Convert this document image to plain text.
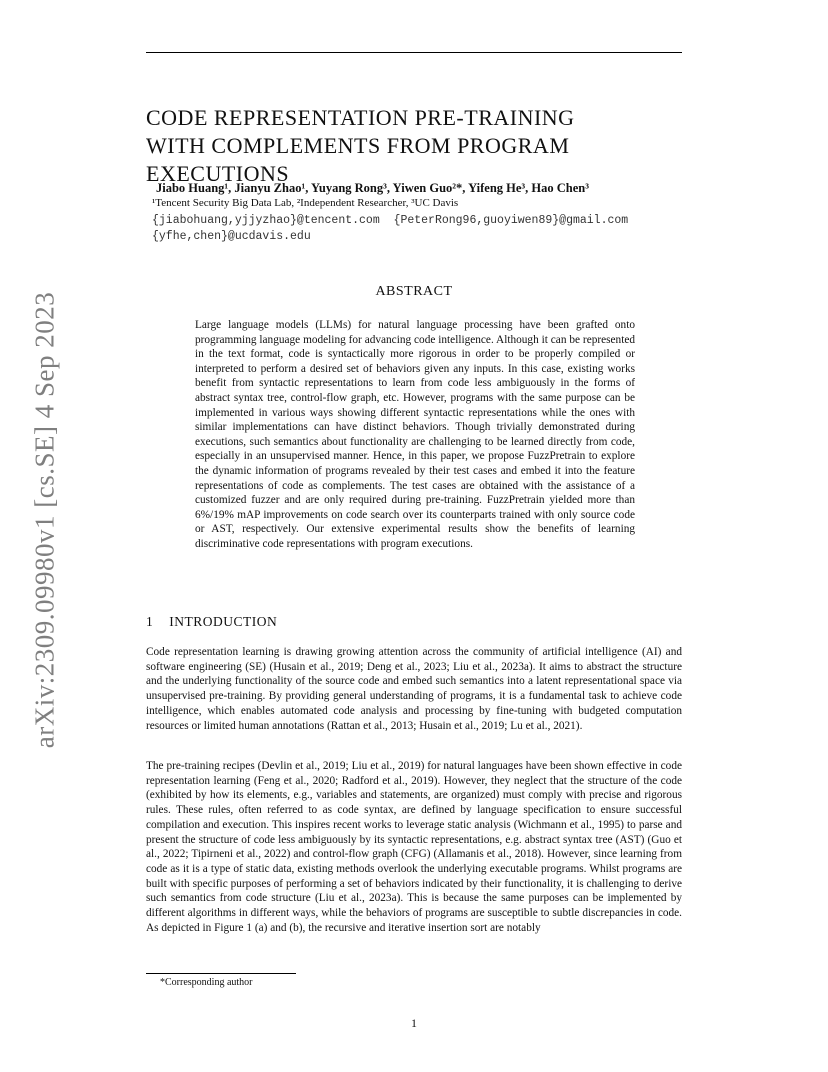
arXiv:2309.09980v1 [cs.SE] 4 Sep 2023
CODE REPRESENTATION PRE-TRAINING
WITH COMPLEMENTS FROM PROGRAM EXECUTIONS
Jiabo Huang¹, Jianyu Zhao¹, Yuyang Rong³, Yiwen Guo²*, Yifeng He³, Hao Chen³
¹Tencent Security Big Data Lab, ²Independent Researcher, ³UC Davis
{jiabohuang,yjjyzhao}@tencent.com  {PeterRong96,guoyiwen89}@gmail.com
{yfhe,chen}@ucdavis.edu
ABSTRACT
Large language models (LLMs) for natural language processing have been grafted onto programming language modeling for advancing code intelligence. Although it can be represented in the text format, code is syntactically more rigorous in order to be properly compiled or interpreted to perform a desired set of behaviors given any inputs. In this case, existing works benefit from syntactic representations to learn from code less ambiguously in the forms of abstract syntax tree, control-flow graph, etc. However, programs with the same purpose can be implemented in various ways showing different syntactic representations while the ones with similar implementations can have distinct behaviors. Though trivially demonstrated during executions, such semantics about functionality are challenging to be learned directly from code, especially in an unsupervised manner. Hence, in this paper, we propose FuzzPretrain to explore the dynamic information of programs revealed by their test cases and embed it into the feature representations of code as complements. The test cases are obtained with the assistance of a customized fuzzer and are only required during pre-training. FuzzPretrain yielded more than 6%/19% mAP improvements on code search over its counterparts trained with only source code or AST, respectively. Our extensive experimental results show the benefits of learning discriminative code representations with program executions.
1 INTRODUCTION
Code representation learning is drawing growing attention across the community of artificial intelligence (AI) and software engineering (SE) (Husain et al., 2019; Deng et al., 2023; Liu et al., 2023a). It aims to abstract the structure and the underlying functionality of the source code and embed such semantics into a latent representational space via unsupervised pre-training. By providing general understanding of programs, it is a fundamental task to achieve code intelligence, which enables automated code analysis and processing by fine-tuning with budgeted computation resources or limited human annotations (Rattan et al., 2013; Husain et al., 2019; Lu et al., 2021).
The pre-training recipes (Devlin et al., 2019; Liu et al., 2019) for natural languages have been shown effective in code representation learning (Feng et al., 2020; Radford et al., 2019). However, they neglect that the structure of the code (exhibited by how its elements, e.g., variables and statements, are organized) must comply with precise and rigorous rules. These rules, often referred to as code syntax, are defined by language specification to ensure successful compilation and execution. This inspires recent works to leverage static analysis (Wichmann et al., 1995) to parse and present the structure of code less ambiguously by its syntactic representations, e.g. abstract syntax tree (AST) (Guo et al., 2022; Tipirneni et al., 2022) and control-flow graph (CFG) (Allamanis et al., 2018). However, since learning from code as it is a type of static data, existing methods overlook the underlying executable programs. Whilst programs are built with specific purposes of performing a set of behaviors indicated by their functionality, it is challenging to derive such semantics from code structure (Liu et al., 2023a). This is because the same purposes can be implemented by different algorithms in different ways, while the behaviors of programs are susceptible to subtle discrepancies in code. As depicted in Figure 1 (a) and (b), the recursive and iterative insertion sort are notably
*Corresponding author
1
